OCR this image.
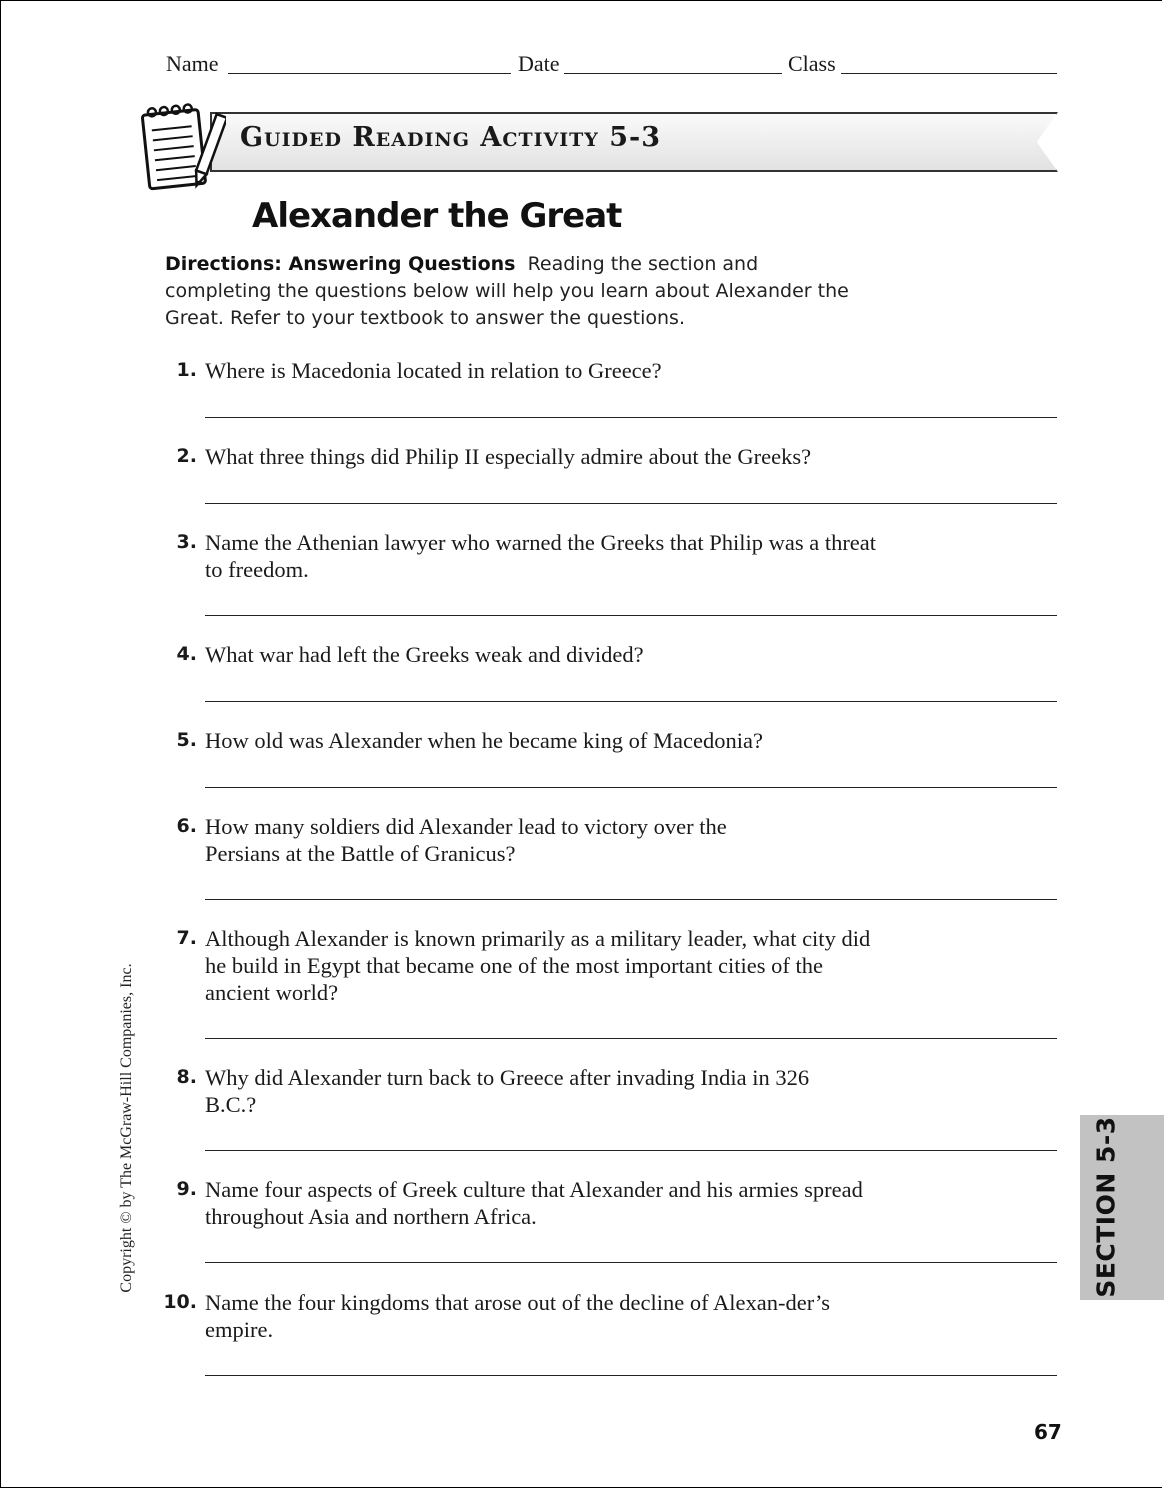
Name	Date	Class
Guided Reading Activity 5-3
Alexander the Great
Directions: Answering Questions Reading the section and completing the questions below will help you learn about Alexander the Great. Refer to your textbook to answer the questions.
1. Where is Macedonia located in relation to Greece?
2. What three things did Philip II especially admire about the Greeks?
3. Name the Athenian lawyer who warned the Greeks that Philip was a threat to freedom.
4. What war had left the Greeks weak and divided?
5. How old was Alexander when he became king of Macedonia?
6. How many soldiers did Alexander lead to victory over the Persians at the Battle of Granicus?
7. Although Alexander is known primarily as a military leader, what city did he build in Egypt that became one of the most important cities of the ancient world?
8. Why did Alexander turn back to Greece after invading India in 326 B.C.?
9. Name four aspects of Greek culture that Alexander and his armies spread throughout Asia and northern Africa.
10. Name the four kingdoms that arose out of the decline of Alexan-der’s empire.
Copyright © by The McGraw-Hill Companies, Inc.	SECTION 5-3
67
